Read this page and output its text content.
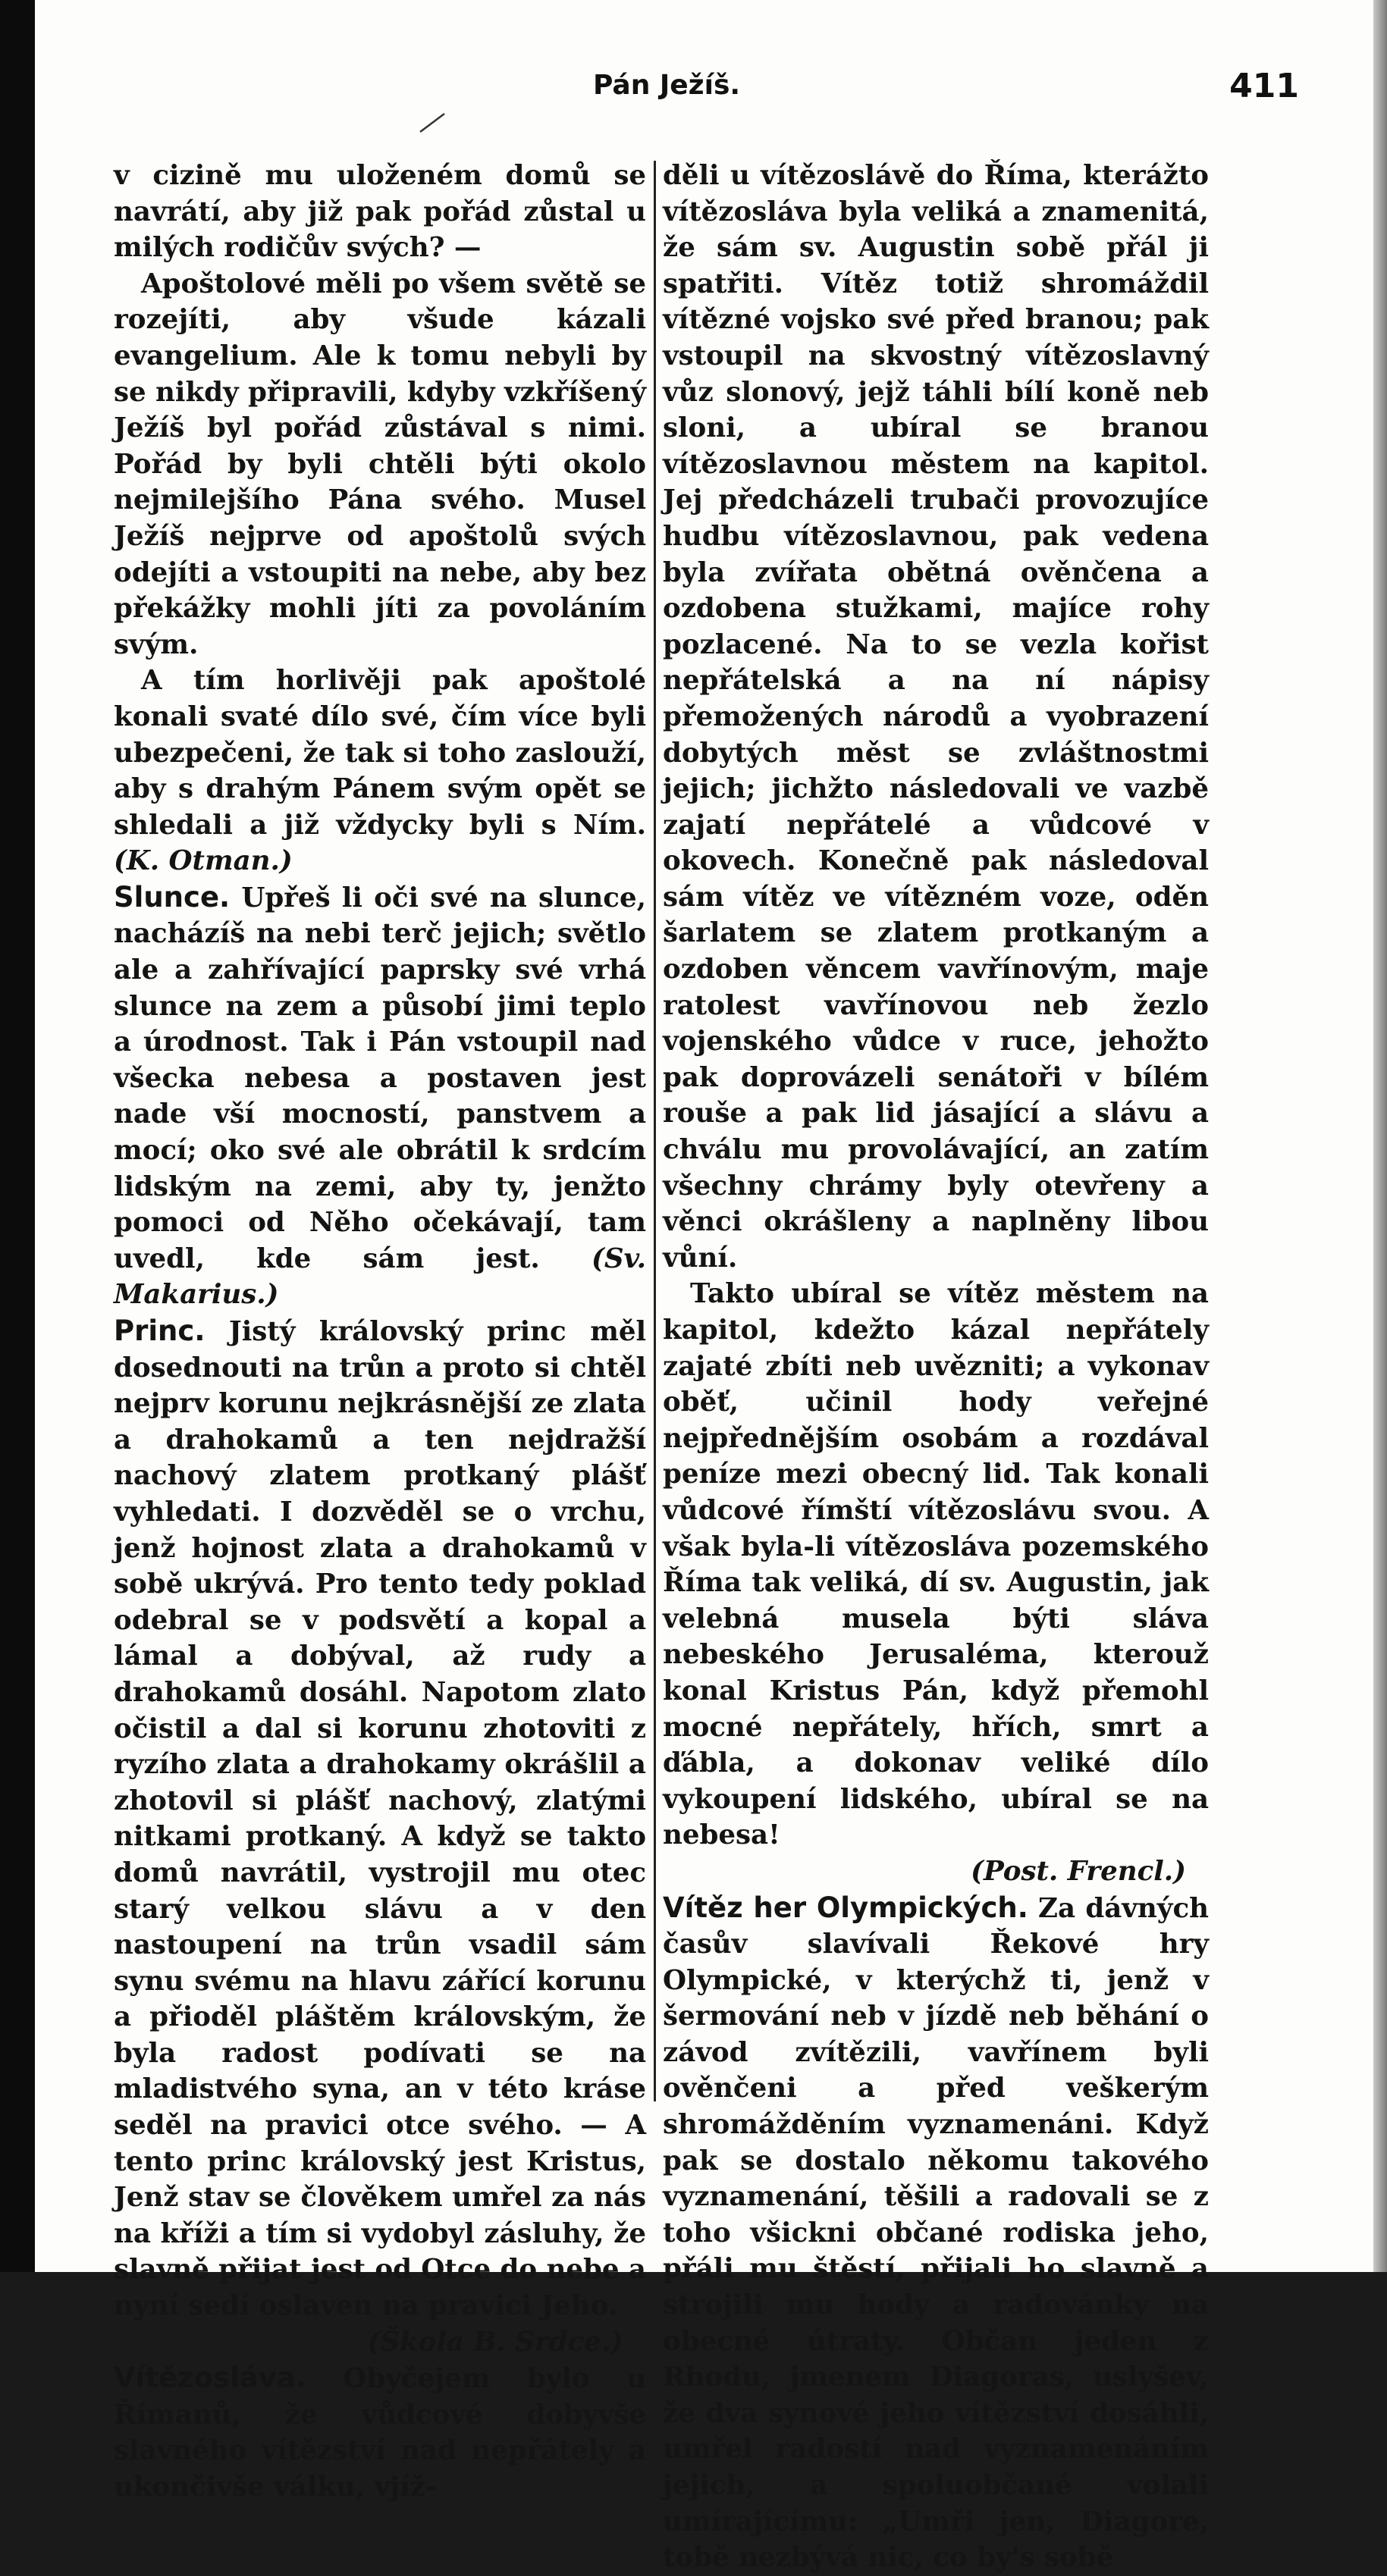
Pán Ježíš.	411

v cizině mu uloženém domů se navrátí, aby již pak pořád zůstal u milých rodičův svých? —

Apoštolové měli po všem světě se rozejíti, aby všude kázali evangelium. Ale k tomu nebyli by se nikdy připravili, kdyby vzkříšený Ježíš byl pořád zůstával s nimi. Pořád by byli chtěli býti okolo nejmilejšího Pána svého. Musel Ježíš nejprve od apoštolů svých odejíti a vstoupiti na nebe, aby bez překážky mohli jíti za povoláním svým.

A tím horlivěji pak apoštolé konali svaté dílo své, čím více byli ubezpečeni, že tak si toho zaslouží, aby s drahým Pánem svým opět se shledali a již vždycky byli s Ním. (K. Otman.)

Slunce. Upřeš li oči své na slunce, nacházíš na nebi terč jejich; světlo ale a zahřívající paprsky své vrhá slunce na zem a působí jimi teplo a úrodnost. Tak i Pán vstoupil nad všecka nebesa a postaven jest nade vší mocností, panstvem a mocí; oko své ale obrátil k srdcím lidským na zemi, aby ty, jenžto pomoci od Něho očekávají, tam uvedl, kde sám jest. (Sv. Makarius.)

Princ. Jistý královský princ měl dosednouti na trůn a proto si chtěl nejprv korunu nejkrásnější ze zlata a drahokamů a ten nejdražší nachový zlatem protkaný plášť vyhledati. I dozvěděl se o vrchu, jenž hojnost zlata a drahokamů v sobě ukrývá. Pro tento tedy poklad odebral se v podsvětí a kopal a lámal a dobýval, až rudy a drahokamů dosáhl. Napotom zlato očistil a dal si korunu zhotoviti z ryzího zlata a drahokamy okrášlil a zhotovil si plášť nachový, zlatými nitkami protkaný. A když se takto domů navrátil, vystrojil mu otec starý velkou slávu a v den nastoupení na trůn vsadil sám synu svému na hlavu zářící korunu a přioděl pláštěm královským, že byla radost podívati se na mladistvého syna, an v této kráse seděl na pravici otce svého. — A tento princ královský jest Kristus, Jenž stav se člověkem umřel za nás na kříži a tím si vydobyl zásluhy, že slavně přijat jest od Otce do nebe a nyní sedí oslaven na pravici Jeho.

(Škola B. Srdce.)

Vítězoslávа. Obyčejem bylo u Římanů, že vůdcové dobyvše slavného vítězství nad nepřátely a ukončivše válku, vjíž-

děli u vítězoslávě do Říma, kterážto vítězoslávа byla veliká a znamenitá, že sám sv. Augustin sobě přál ji spatřiti. Vítěz totiž shromáždil vítězné vojsko své před branou; pak vstoupil na skvostný vítězoslavný vůz slonový, jejž táhli bílí koně neb sloni, a ubíral se branou vítězoslavnou městem na kapitol. Jej předcházeli trubači provozujíce hudbu vítězoslavnou, pak vedena byla zvířata obětná ověnčena a ozdobena stužkami, majíce rohy pozlacené. Na to se vezla kořist nepřátelská a na ní nápisy přemožených národů a vyobrazení dobytých měst se zvláštnostmi jejich; jichžto následovali ve vazbě zajatí nepřátelé a vůdcové v okovech. Konečně pak následoval sám vítěz ve vítězném voze, oděn šarlatem se zlatem protkaným a ozdoben věncem vavřínovým, maje ratolest vavřínovou neb žezlo vojenského vůdce v ruce, jehožto pak doprovázeli senátoři v bílém rouše a pak lid jásající a slávu a chválu mu provolávající, an zatím všechny chrámy byly otevřeny a věnci okrášleny a naplněny libou vůní.

Takto ubíral se vítěz městem na kapitol, kdežto kázal nepřátely zajaté zbíti neb uvězniti; a vykonav oběť, učinil hody veřejné nejpřednějším osobám a rozdával peníze mezi obecný lid. Tak konali vůdcové římští vítězoslávu svou. A však byla-li vítězoslávа pozemského Říma tak veliká, dí sv. Augustin, jak velebná musela býti sláva nebeského Jerusaléma, kterouž konal Kristus Pán, když přemohl mocné nepřátely, hřích, smrt a ďábla, a dokonav veliké dílo vykoupení lidského, ubíral se na nebesa!

(Post. Frencl.)

Vítěz her Olympických. Za dávných časův slavívali Řekové hry Olympické, v kterýchž ti, jenž v šermování neb v jízdě neb běhání o závod zvítězili, vavřínem byli ověnčeni a před veškerým shromážděním vyznamenáni. Když pak se dostalo někomu takového vyznamenání, těšili a radovali se z toho všickni občané rodiska jeho, přáli mu štěstí, přijali ho slavně a strojili mu hody a radovánky na obecné útraty. Občan jeden z Rhodu, jmenem Diagoras, uslyšev, že dva synové jeho vítězství dosáhli, umřel radostí nad vyznamenáním jejich, a spoluobčané volali umírajícímu: „Umři jen, Diagore, tobě nezbývá nic, co by's sobě
